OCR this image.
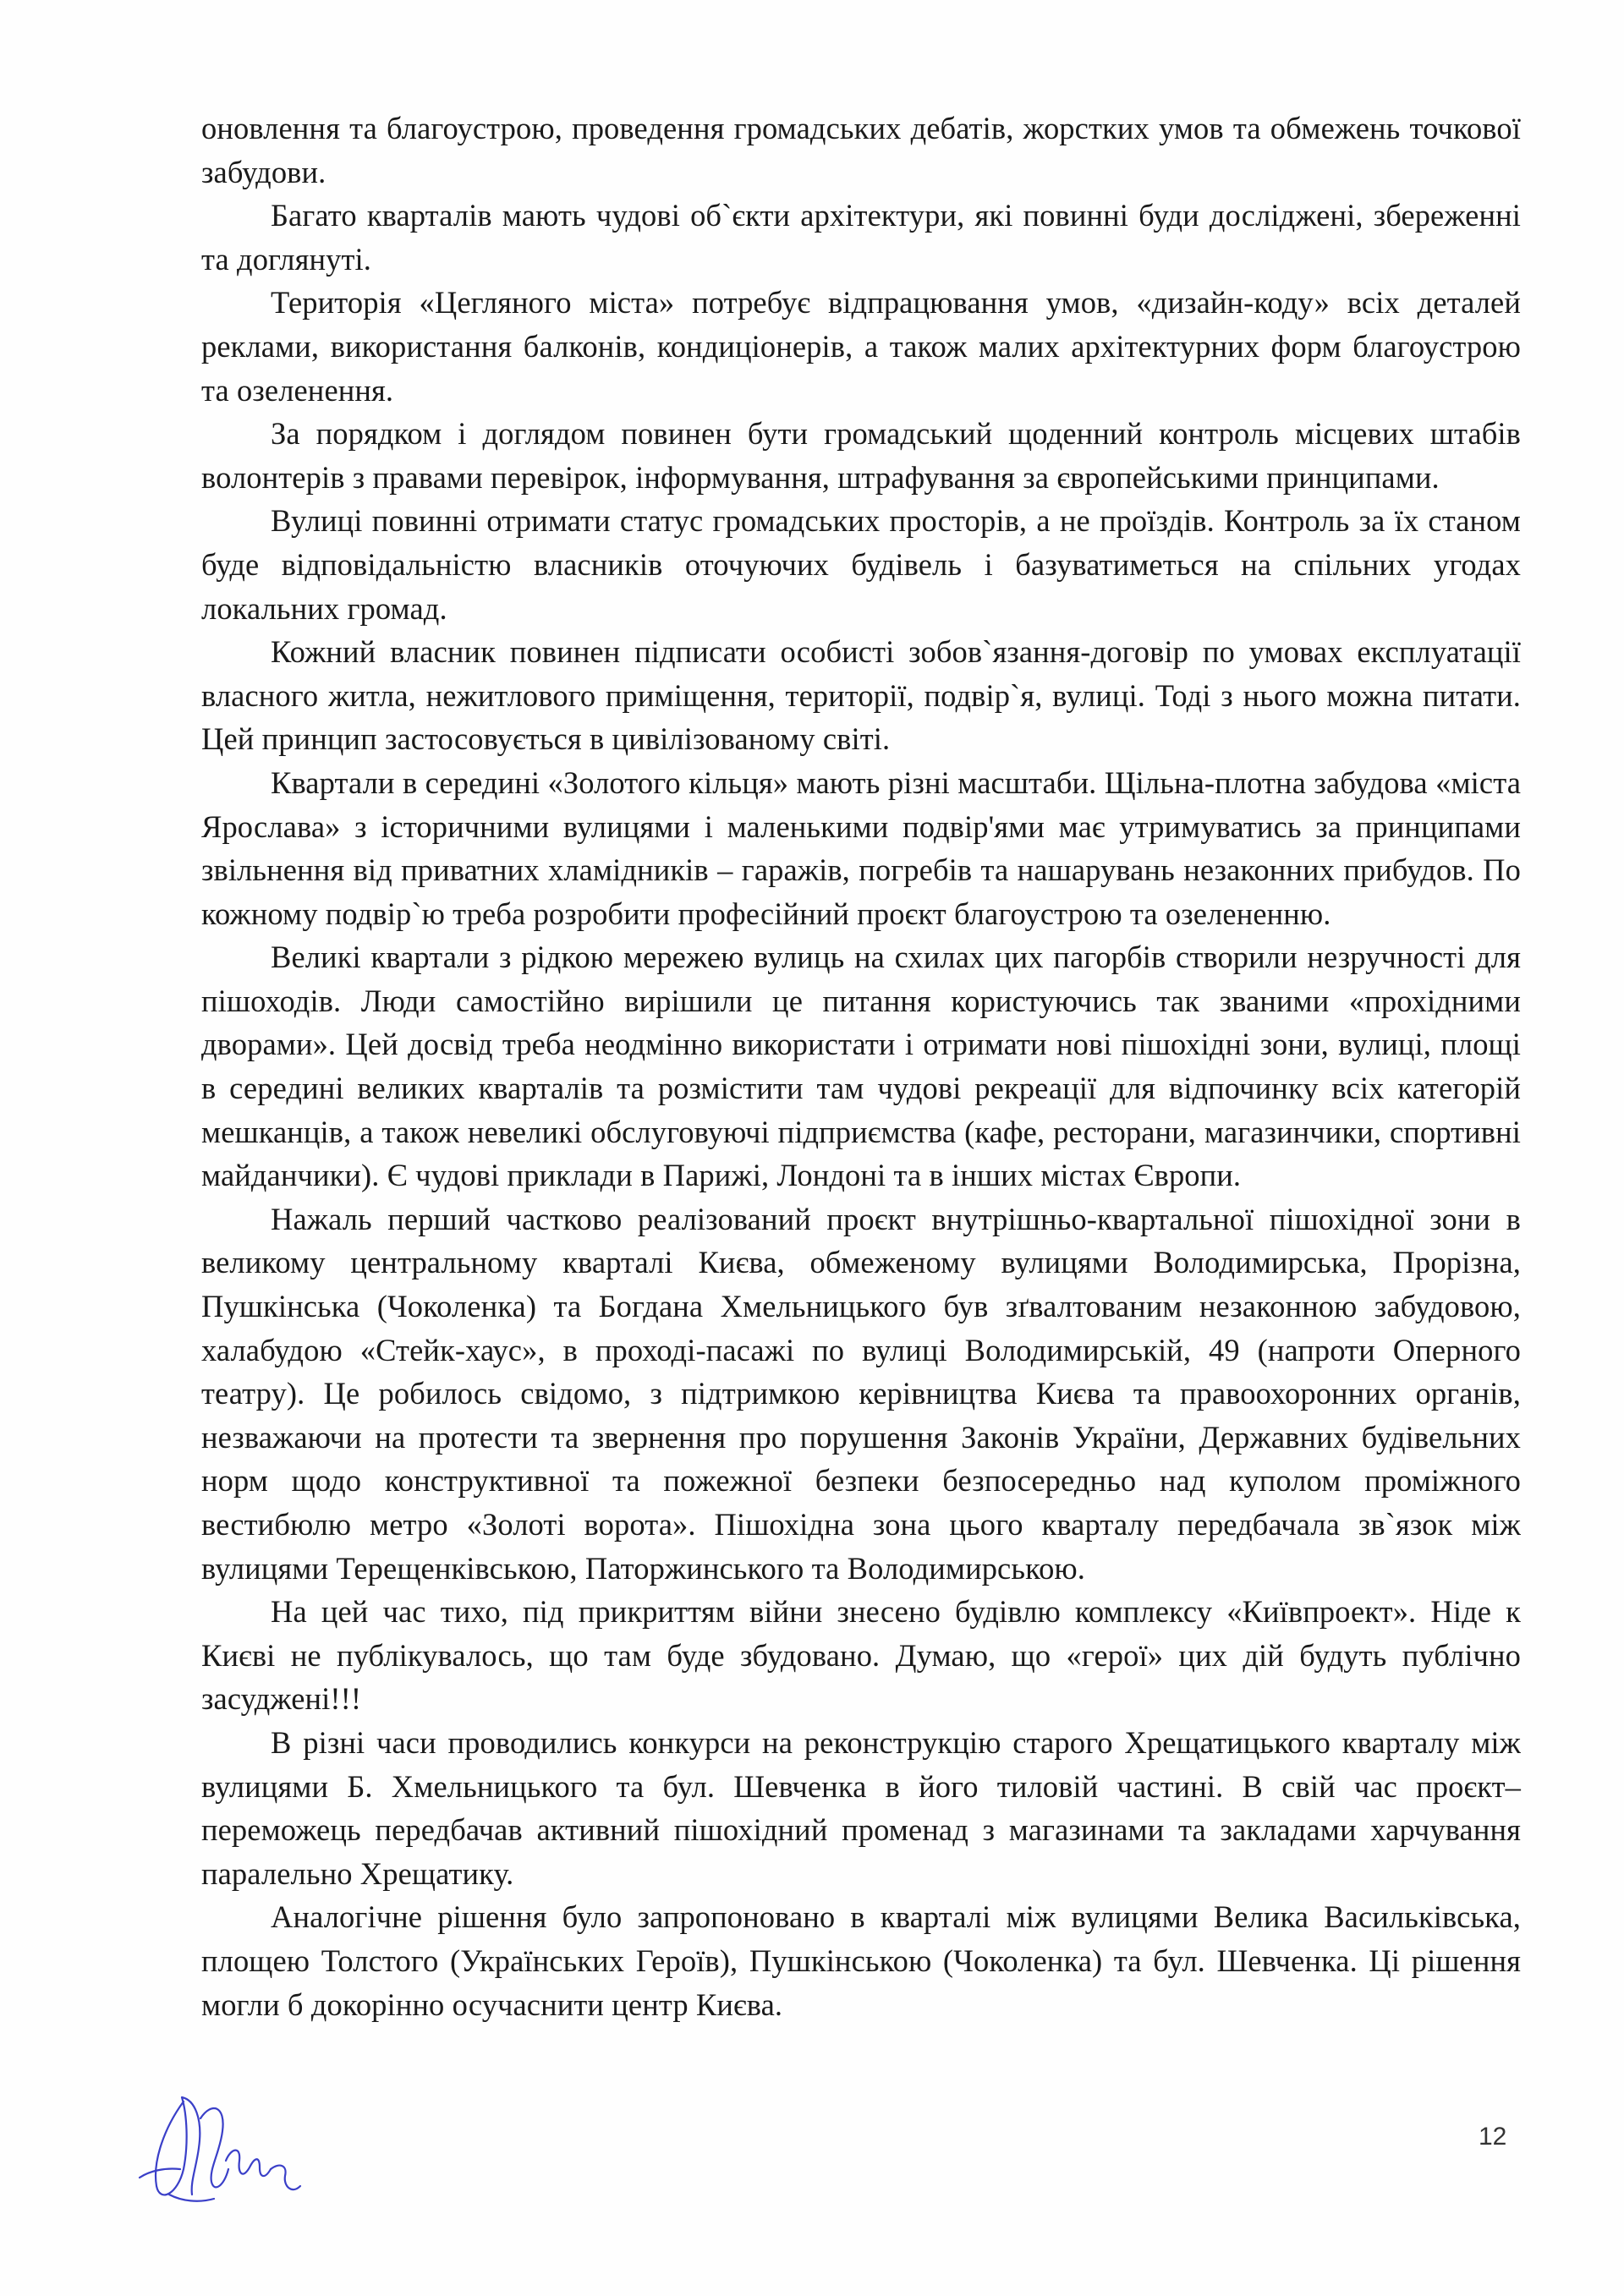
оновлення та благоустрою, проведення громадських дебатів, жорстких умов та обмежень точкової забудови.

Багато кварталів мають чудові об`єкти архітектури, які повинні буди досліджені, збереженні та доглянуті.

Територія «Цегляного міста» потребує відпрацювання умов, «дизайн-коду» всіх деталей реклами, використання балконів, кондиціонерів, а також малих архітектурних форм благоустрою та озеленення.

За порядком і доглядом повинен бути громадський щоденний контроль місцевих штабів волонтерів з правами перевірок, інформування, штрафування за європейськими принципами.

Вулиці повинні отримати статус громадських просторів, а не проїздів. Контроль за їх станом буде відповідальністю власників оточуючих будівель і базуватиметься на спільних угодах локальних громад.

Кожний власник повинен підписати особисті зобов`язання-договір по умовах експлуатації власного житла, нежитлового приміщення, території, подвір`я, вулиці. Тоді з нього можна питати. Цей принцип застосовується в цивілізованому світі.

Квартали в середині «Золотого кільця» мають різні масштаби. Щільна-плотна забудова «міста Ярослава» з історичними вулицями і маленькими подвір'ями має утримуватись за принципами звільнення від приватних хламідників – гаражів, погребів та нашарувань незаконних прибудов. По кожному подвір`ю треба розробити професійний проєкт благоустрою та озелененню.

Великі квартали з рідкою мережею вулиць на схилах цих пагорбів створили незручності для пішоходів. Люди самостійно вирішили це питання користуючись так званими «прохідними дворами». Цей досвід треба неодмінно використати і отримати нові пішохідні зони, вулиці, площі в середині великих кварталів та розмістити там чудові рекреації для відпочинку всіх категорій мешканців, а також невеликі обслуговуючі підприємства (кафе, ресторани, магазинчики, спортивні майданчики). Є чудові приклади в Парижі, Лондоні та в інших містах Європи.

Нажаль перший частково реалізований проєкт внутрішньо-квартальної пішохідної зони в великому центральному кварталі Києва, обмеженому вулицями Володимирська, Прорізна, Пушкінська (Чоколенка) та Богдана Хмельницького був зґвалтованим незаконною забудовою, халабудою «Стейк-хаус», в проході-пасажі по вулиці Володимирській, 49 (напроти Оперного театру). Це робилось свідомо, з підтримкою керівництва Києва та правоохоронних органів, незважаючи на протести та звернення про порушення Законів України, Державних будівельних норм щодо конструктивної та пожежної безпеки безпосередньо над куполом проміжного вестибюлю метро «Золоті ворота». Пішохідна зона цього кварталу передбачала зв`язок між вулицями Терещенківською, Паторжинського та Володимирською.

На цей час тихо, під прикриттям війни знесено будівлю комплексу «Київпроект». Ніде к Києві не публікувалось, що там буде збудовано. Думаю, що «герої» цих дій будуть публічно засуджені!!!

В різні часи проводились конкурси на реконструкцію старого Хрещатицького кварталу між вулицями Б. Хмельницького та бул. Шевченка в його тиловій частині. В свій час проєкт–переможець передбачав активний пішохідний променад з магазинами та закладами харчування паралельно Хрещатику.

Аналогічне рішення було запропоновано в кварталі між вулицями Велика Васильківська, площею Толстого (Українських Героїв), Пушкінською (Чоколенка) та бул. Шевченка. Ці рішення могли б докорінно осучаснити центр Києва.

12
